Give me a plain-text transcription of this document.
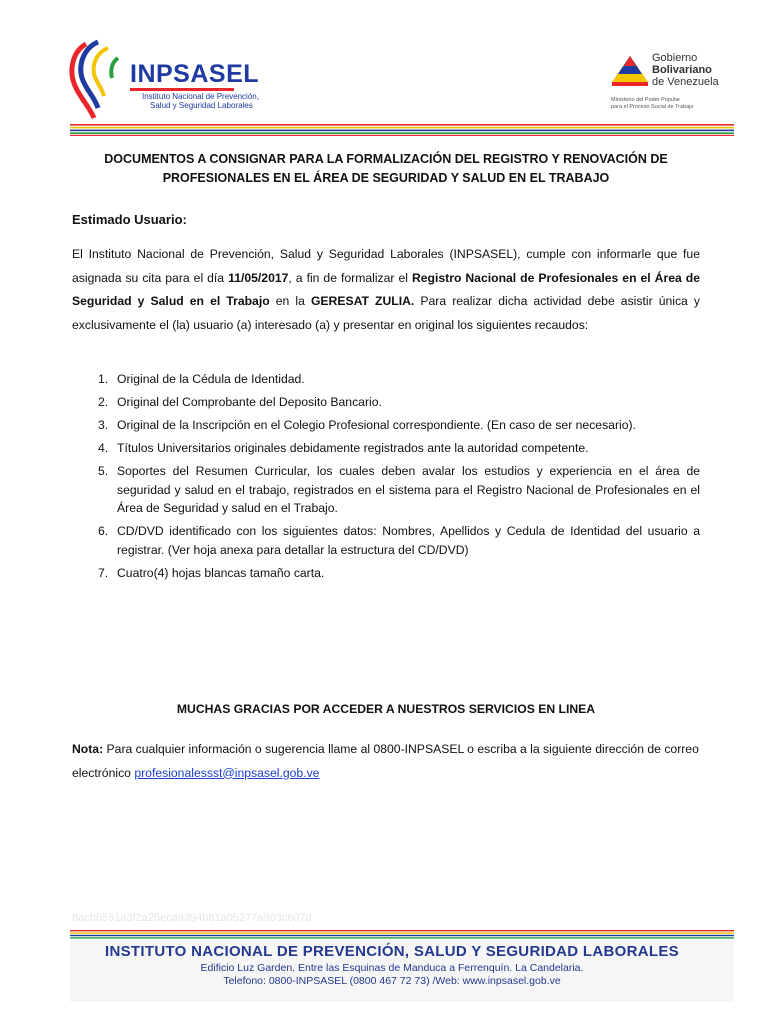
INPSASEL
Instituto Nacional de Prevención,
Salud y Seguridad Laborales
Gobierno
Bolivariano
de Venezuela
Ministerio del Poder Popular
para el Proceso Social de Trabajo
DOCUMENTOS A CONSIGNAR PARA LA FORMALIZACIÓN DEL REGISTRO Y RENOVACIÓN DE PROFESIONALES EN EL ÁREA DE SEGURIDAD Y SALUD EN EL TRABAJO
Estimado Usuario:
El Instituto Nacional de Prevención, Salud y Seguridad Laborales (INPSASEL), cumple con informarle que fue asignada su cita para el día 11/05/2017, a fin de formalizar el Registro Nacional de Profesionales en el Área de Seguridad y Salud en el Trabajo en la GERESAT ZULIA. Para realizar dicha actividad debe asistir única y exclusivamente el (la) usuario (a) interesado (a) y presentar en original los siguientes recaudos:
1. Original de la Cédula de Identidad.
2. Original del Comprobante del Deposito Bancario.
3. Original de la Inscripción en el Colegio Profesional correspondiente. (En caso de ser necesario).
4. Títulos Universitarios originales debidamente registrados ante la autoridad competente.
5. Soportes del Resumen Curricular, los cuales deben avalar los estudios y experiencia en el área de seguridad y salud en el trabajo, registrados en el sistema para el Registro Nacional de Profesionales en el Área de Seguridad y salud en el Trabajo.
6. CD/DVD identificado con los siguientes datos: Nombres, Apellidos y Cedula de Identidad del usuario a registrar. (Ver hoja anexa para detallar la estructura del CD/DVD)
7. Cuatro(4) hojas blancas tamaño carta.
MUCHAS GRACIAS POR ACCEDER A NUESTROS SERVICIOS EN LINEA
Nota: Para cualquier información o sugerencia llame al 0800-INPSASEL o escriba a la siguiente dirección de correo electrónico profesionalessst@inpsasel.gob.ve
8acb6551a3f2a25eca9394b81a05277a903c607d
INSTITUTO NACIONAL DE PREVENCIÓN, SALUD Y SEGURIDAD LABORALES
Edificio Luz Garden. Entre las Esquinas de Manduca a Ferrenquín. La Candelaria.
Telefono: 0800-INPSASEL (0800 467 72 73) /Web: www.inpsasel.gob.ve
